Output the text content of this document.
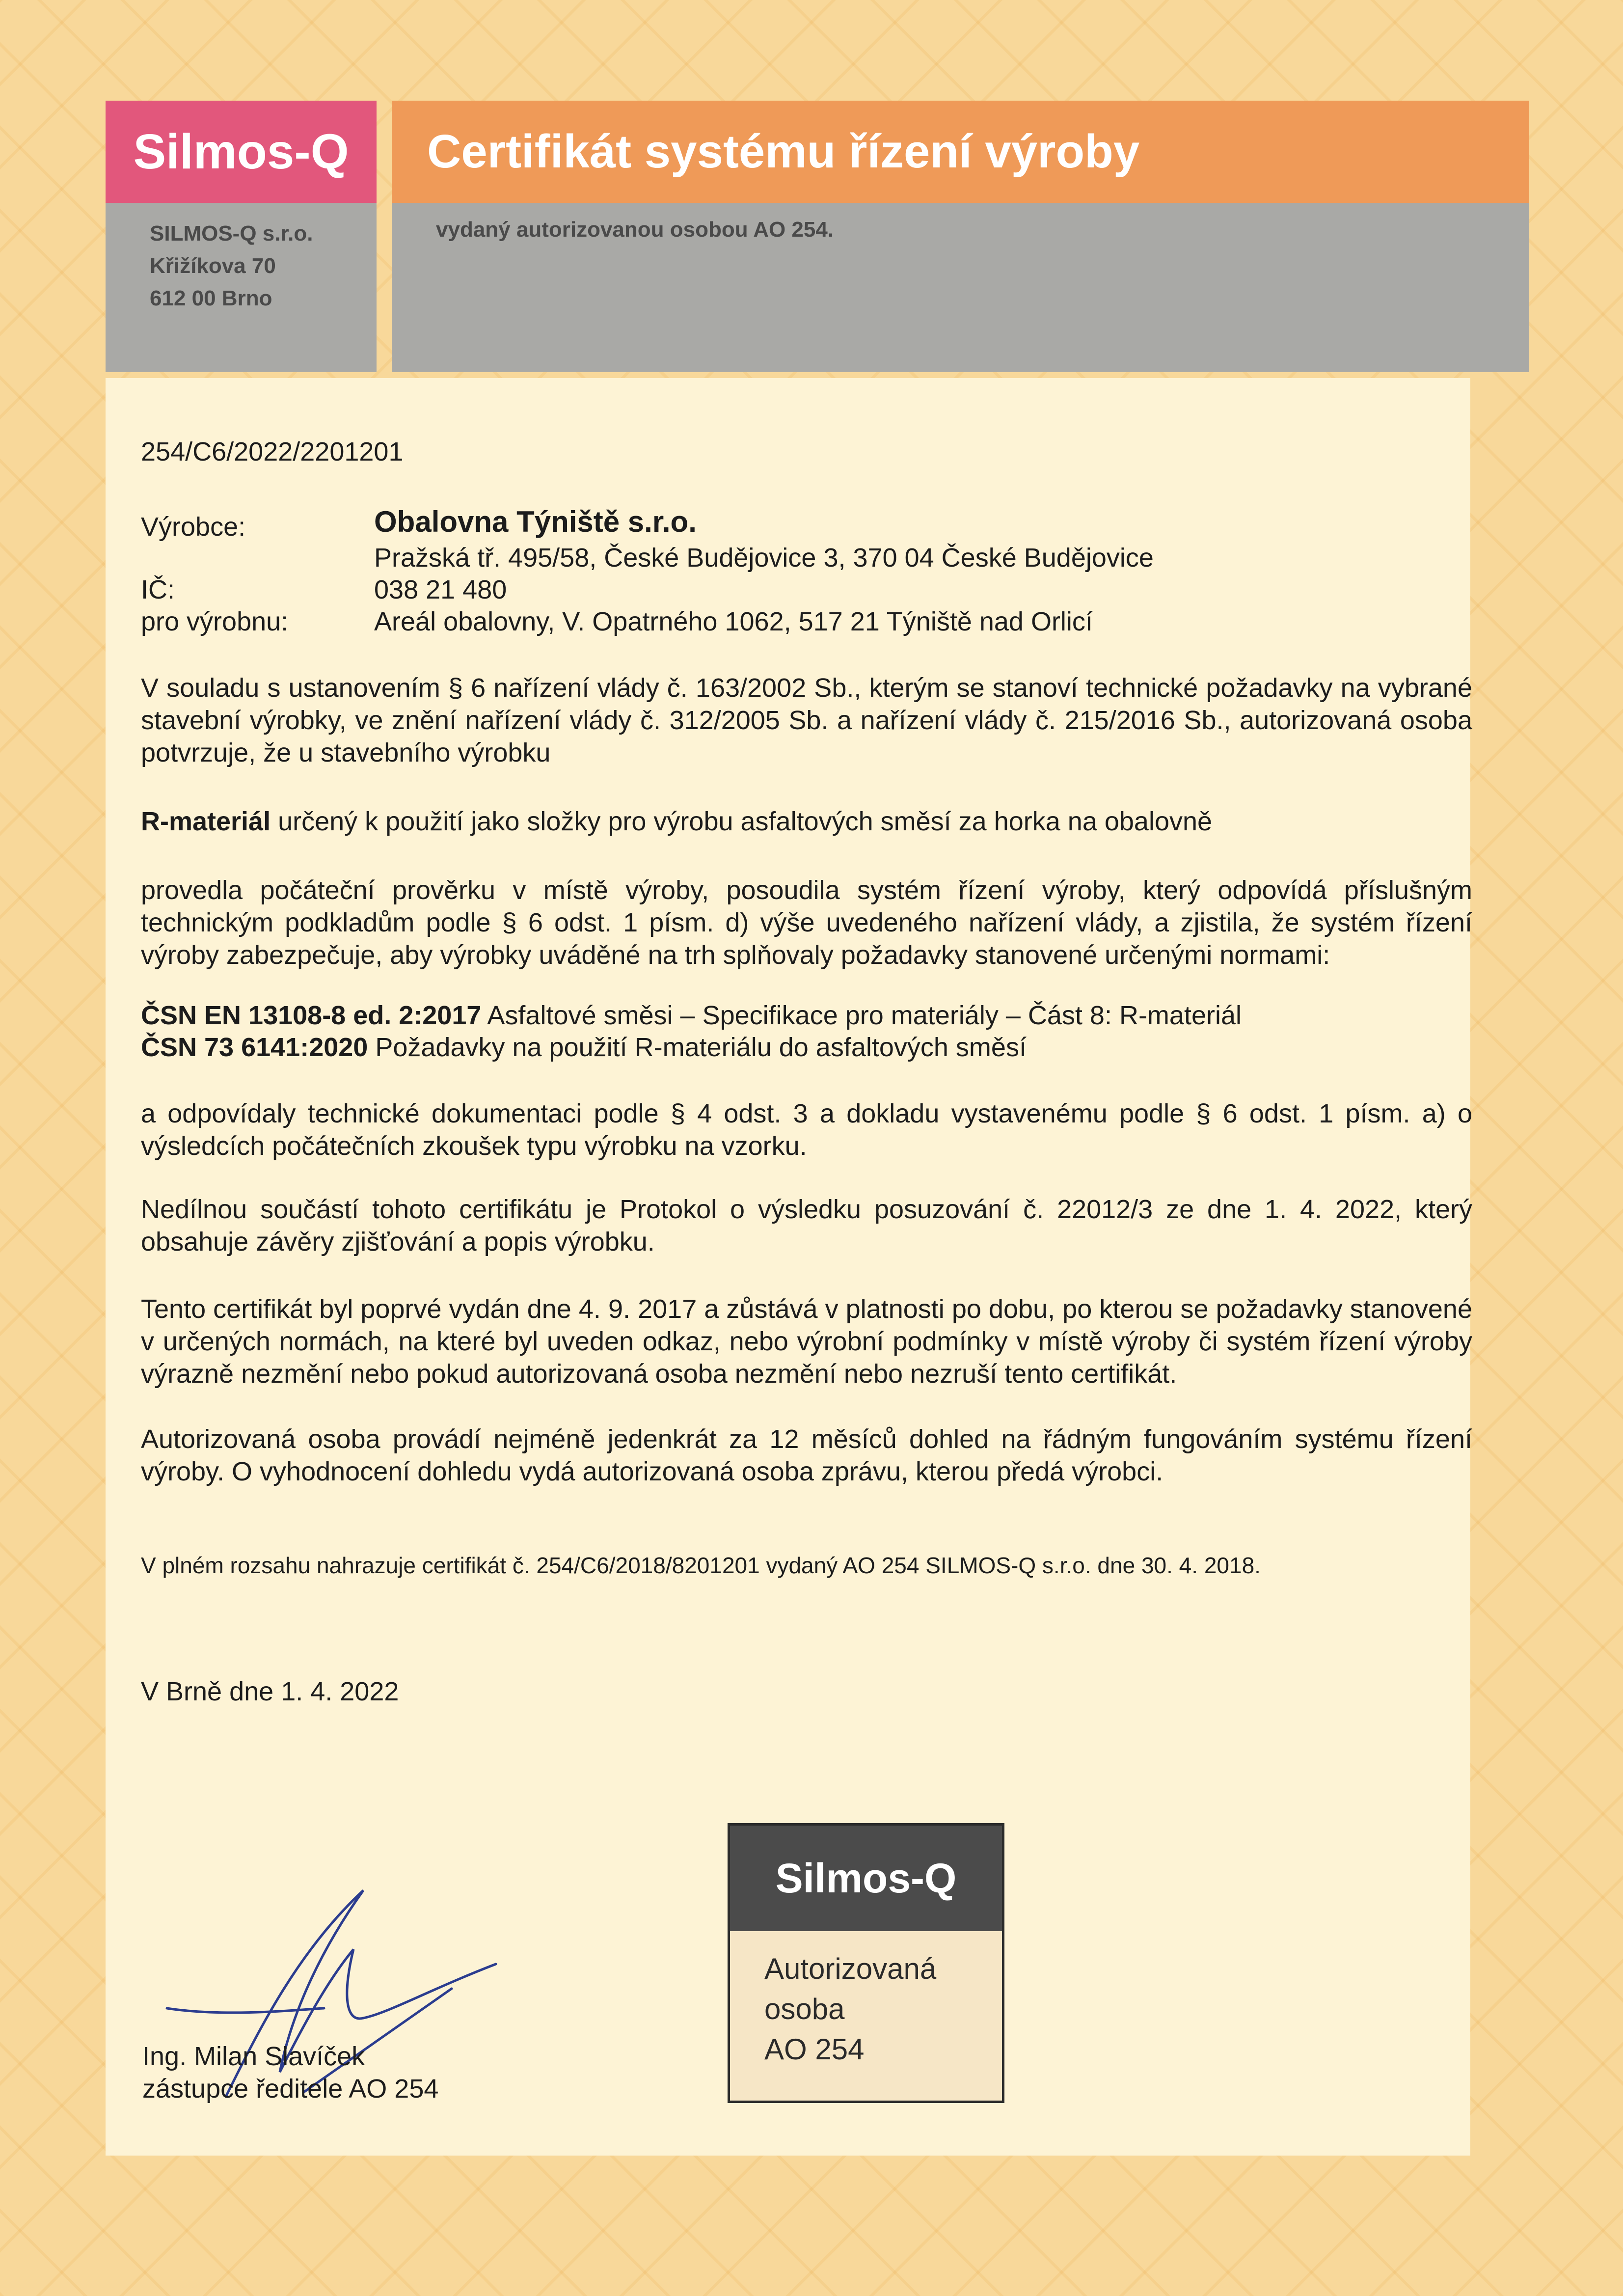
Silmos-Q Certifikát systému řízení výroby
SILMOS-Q s.r.o.
Křižíkova 70
612 00 Brno
vydaný autorizovanou osobou AO 254.
254/C6/2022/2201201
Výrobce:	Obalovna Týniště s.r.o.
Pražská tř. 495/58, České Budějovice 3, 370 04 České Budějovice
IČ:	038 21 480
pro výrobnu:	Areál obalovny, V. Opatrného 1062, 517 21 Týniště nad Orlicí
V souladu s ustanovením § 6 nařízení vlády č. 163/2002 Sb., kterým se stanoví technické požadavky na vybrané stavební výrobky, ve znění nařízení vlády č. 312/2005 Sb. a nařízení vlády č. 215/2016 Sb., autorizovaná osoba potvrzuje, že u stavebního výrobku
R-materiál určený k použití jako složky pro výrobu asfaltových směsí za horka na obalovně
provedla počáteční prověrku v místě výroby, posoudila systém řízení výroby, který odpovídá příslušným technickým podkladům podle § 6 odst. 1 písm. d) výše uvedeného nařízení vlády, a zjistila, že systém řízení výroby zabezpečuje, aby výrobky uváděné na trh splňovaly požadavky stanovené určenými normami:
ČSN EN 13108-8 ed. 2:2017 Asfaltové směsi – Specifikace pro materiály – Část 8: R-materiál
ČSN 73 6141:2020 Požadavky na použití R-materiálu do asfaltových směsí
a odpovídaly technické dokumentaci podle § 4 odst. 3 a dokladu vystavenému podle § 6 odst. 1 písm. a) o výsledcích počátečních zkoušek typu výrobku na vzorku.
Nedílnou součástí tohoto certifikátu je Protokol o výsledku posuzování č. 22012/3 ze dne 1. 4. 2022, který obsahuje závěry zjišťování a popis výrobku.
Tento certifikát byl poprvé vydán dne 4. 9. 2017 a zůstává v platnosti po dobu, po kterou se požadavky stanovené v určených normách, na které byl uveden odkaz, nebo výrobní podmínky v místě výroby či systém řízení výroby výrazně nezmění nebo pokud autorizovaná osoba nezmění nebo nezruší tento certifikát.
Autorizovaná osoba provádí nejméně jedenkrát za 12 měsíců dohled na řádným fungováním systému řízení výroby. O vyhodnocení dohledu vydá autorizovaná osoba zprávu, kterou předá výrobci.
V plném rozsahu nahrazuje certifikát č. 254/C6/2018/8201201 vydaný AO 254 SILMOS-Q s.r.o. dne 30. 4. 2018.
V Brně dne 1. 4. 2022
Ing. Milan Slavíček
zástupce ředitele AO 254
Silmos-Q
Autorizovaná
osoba
AO 254
